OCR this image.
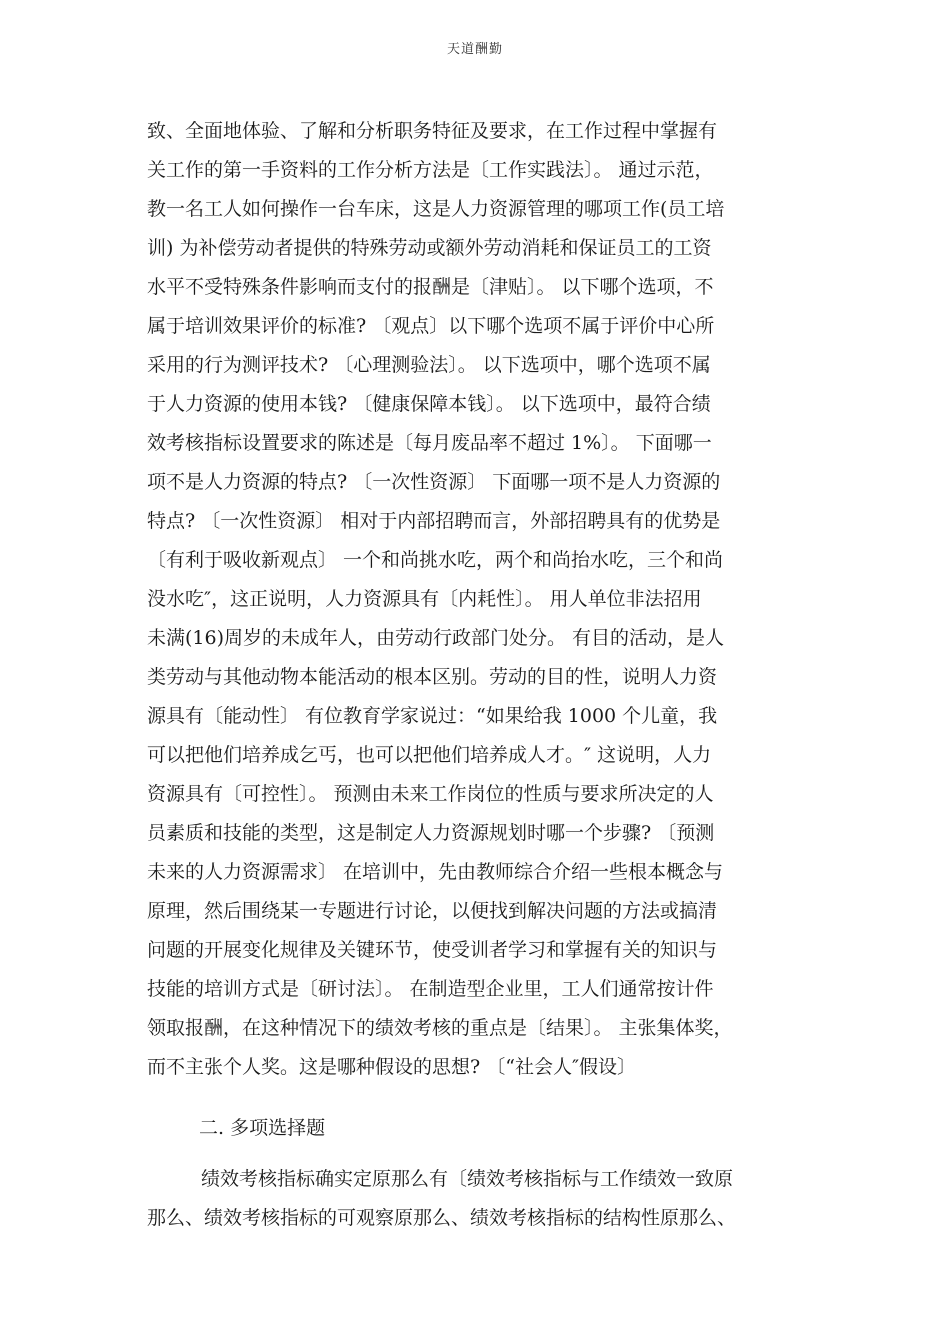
天道酬勤
致、全面地体验、了解和分析职务特征及要求，在工作过程中掌握有
关工作的第一手资料的工作分析方法是〔工作实践法〕。 通过示范，
教一名工人如何操作一台车床，这是人力资源管理的哪项工作(员工培
训) 为补偿劳动者提供的特殊劳动或额外劳动消耗和保证员工的工资
水平不受特殊条件影响而支付的报酬是〔津贴〕。 以下哪个选项，不
属于培训效果评价的标准? 〔观点〕以下哪个选项不属于评价中心所
采用的行为测评技术? 〔心理测验法〕。 以下选项中，哪个选项不属
于人力资源的使用本钱? 〔健康保障本钱〕。 以下选项中，最符合绩
效考核指标设置要求的陈述是〔每月废品率不超过 1%〕。 下面哪一
项不是人力资源的特点? 〔一次性资源〕 下面哪一项不是人力资源的
特点? 〔一次性资源〕 相对于内部招聘而言，外部招聘具有的优势是
〔有利于吸收新观点〕 一个和尚挑水吃，两个和尚抬水吃，三个和尚
没水吃″，这正说明，人力资源具有〔内耗性〕。 用人单位非法招用
未满(16)周岁的未成年人，由劳动行政部门处分。 有目的活动，是人
类劳动与其他动物本能活动的根本区别。劳动的目的性，说明人力资
源具有〔能动性〕 有位教育学家说过：“如果给我 1000 个儿童，我
可以把他们培养成乞丐，也可以把他们培养成人才。″ 这说明，人力
资源具有〔可控性〕。 预测由未来工作岗位的性质与要求所决定的人
员素质和技能的类型，这是制定人力资源规划时哪一个步骤? 〔预测
未来的人力资源需求〕 在培训中，先由教师综合介绍一些根本概念与
原理，然后围绕某一专题进行讨论，以便找到解决问题的方法或搞清
问题的开展变化规律及关键环节，使受训者学习和掌握有关的知识与
技能的培训方式是〔研讨法〕。 在制造型企业里，工人们通常按计件
领取报酬，在这种情况下的绩效考核的重点是〔结果〕。 主张集体奖，
而不主张个人奖。这是哪种假设的思想? 〔“社会人″假设〕
二. 多项选择题
绩效考核指标确实定原那么有〔绩效考核指标与工作绩效一致原
那么、绩效考核指标的可观察原那么、绩效考核指标的结构性原那么、
